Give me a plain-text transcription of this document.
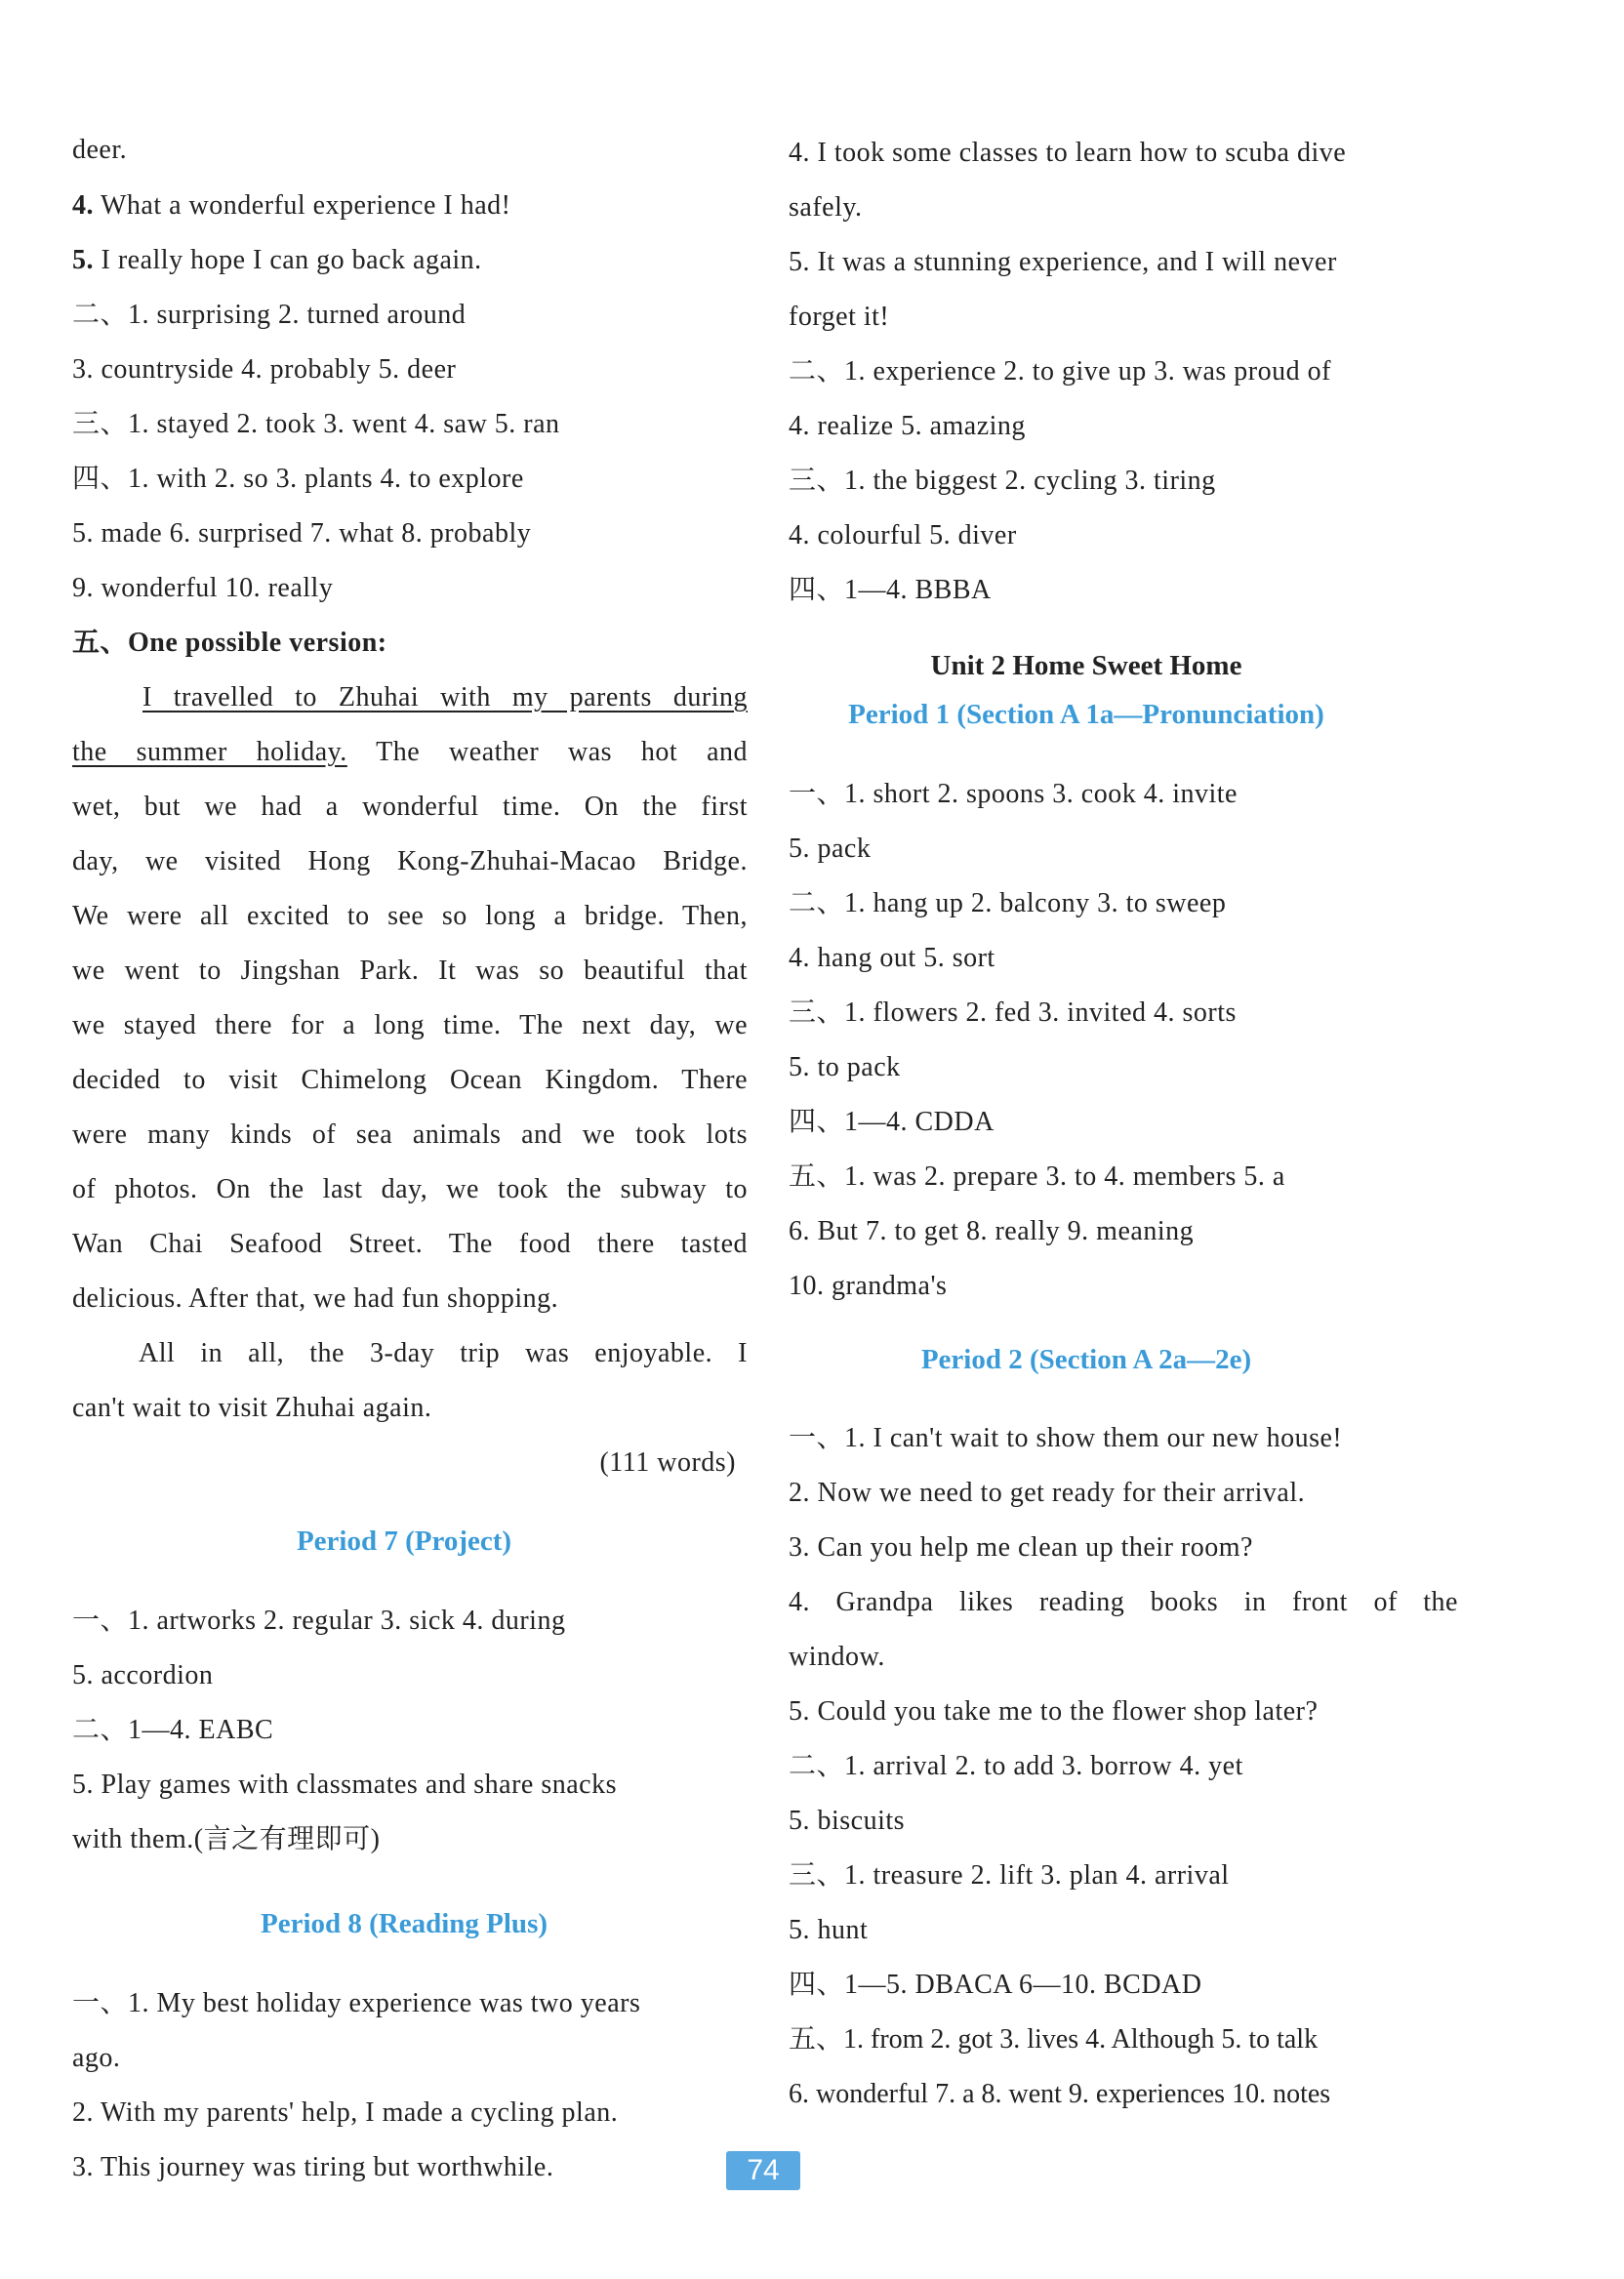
deer.
4. What a wonderful experience I had!
5. I really hope I can go back again.
二、1. surprising 2. turned around
3. countryside 4. probably 5. deer
三、1. stayed 2. took 3. went 4. saw 5. ran
四、1. with 2. so 3. plants 4. to explore
5. made 6. surprised 7. what 8. probably
9. wonderful 10. really
五、One possible version:
I travelled to Zhuhai with my parents during
the summer holiday. The weather was hot and
wet, but we had a wonderful time. On the first
day, we visited Hong Kong-Zhuhai-Macao Bridge.
We were all excited to see so long a bridge. Then,
we went to Jingshan Park. It was so beautiful that
we stayed there for a long time. The next day, we
decided to visit Chimelong Ocean Kingdom. There
were many kinds of sea animals and we took lots
of photos. On the last day, we took the subway to
Wan Chai Seafood Street. The food there tasted
delicious. After that, we had fun shopping.
All in all, the 3-day trip was enjoyable. I
can't wait to visit Zhuhai again.
(111 words)
Period 7 (Project)
一、1. artworks 2. regular 3. sick 4. during
5. accordion
二、1—4. EABC
5. Play games with classmates and share snacks
with them.(言之有理即可)
Period 8 (Reading Plus)
一、1. My best holiday experience was two years
ago.
2. With my parents' help, I made a cycling plan.
3. This journey was tiring but worthwhile.
4. I took some classes to learn how to scuba dive
safely.
5. It was a stunning experience, and I will never
forget it!
二、1. experience 2. to give up 3. was proud of
4. realize 5. amazing
三、1. the biggest 2. cycling 3. tiring
4. colourful 5. diver
四、1—4. BBBA
Unit 2 Home Sweet Home
Period 1 (Section A 1a—Pronunciation)
一、1. short 2. spoons 3. cook 4. invite
5. pack
二、1. hang up 2. balcony 3. to sweep
4. hang out 5. sort
三、1. flowers 2. fed 3. invited 4. sorts
5. to pack
四、1—4. CDDA
五、1. was 2. prepare 3. to 4. members 5. a
6. But 7. to get 8. really 9. meaning
10. grandma's
Period 2 (Section A 2a—2e)
一、1. I can't wait to show them our new house!
2. Now we need to get ready for their arrival.
3. Can you help me clean up their room?
4. Grandpa likes reading books in front of the
window.
5. Could you take me to the flower shop later?
二、1. arrival 2. to add 3. borrow 4. yet
5. biscuits
三、1. treasure 2. lift 3. plan 4. arrival
5. hunt
四、1—5. DBACA 6—10. BCDAD
五、1. from 2. got 3. lives 4. Although 5. to talk
6. wonderful 7. a 8. went 9. experiences 10. notes
74
